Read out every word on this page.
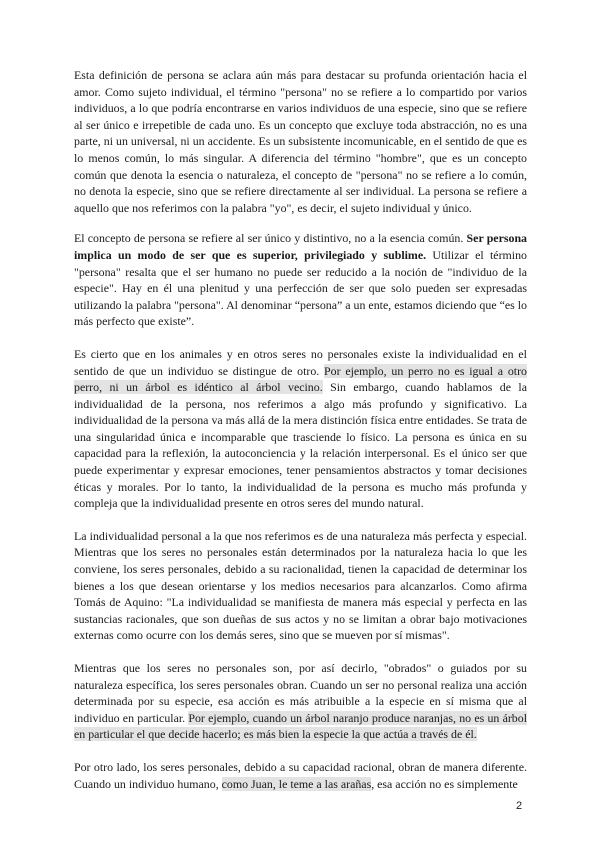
Esta definición de persona se aclara aún más para destacar su profunda orientación hacia el amor. Como sujeto individual, el término "persona" no se refiere a lo compartido por varios individuos, a lo que podría encontrarse en varios individuos de una especie, sino que se refiere al ser único e irrepetible de cada uno. Es un concepto que excluye toda abstracción, no es una parte, ni un universal, ni un accidente. Es un subsistente incomunicable, en el sentido de que es lo menos común, lo más singular. A diferencia del término "hombre", que es un concepto común que denota la esencia o naturaleza, el concepto de "persona" no se refiere a lo común, no denota la especie, sino que se refiere directamente al ser individual. La persona se refiere a aquello que nos referimos con la palabra "yo", es decir, el sujeto individual y único.

El concepto de persona se refiere al ser único y distintivo, no a la esencia común. Ser persona implica un modo de ser que es superior, privilegiado y sublime. Utilizar el término "persona" resalta que el ser humano no puede ser reducido a la noción de "individuo de la especie". Hay en él una plenitud y una perfección de ser que solo pueden ser expresadas utilizando la palabra "persona". Al denominar “persona” a un ente, estamos diciendo que “es lo más perfecto que existe”.

Es cierto que en los animales y en otros seres no personales existe la individualidad en el sentido de que un individuo se distingue de otro. Por ejemplo, un perro no es igual a otro perro, ni un árbol es idéntico al árbol vecino. Sin embargo, cuando hablamos de la individualidad de la persona, nos referimos a algo más profundo y significativo. La individualidad de la persona va más allá de la mera distinción física entre entidades. Se trata de una singularidad única e incomparable que trasciende lo físico. La persona es única en su capacidad para la reflexión, la autoconciencia y la relación interpersonal. Es el único ser que puede experimentar y expresar emociones, tener pensamientos abstractos y tomar decisiones éticas y morales. Por lo tanto, la individualidad de la persona es mucho más profunda y compleja que la individualidad presente en otros seres del mundo natural.

La individualidad personal a la que nos referimos es de una naturaleza más perfecta y especial. Mientras que los seres no personales están determinados por la naturaleza hacia lo que les conviene, los seres personales, debido a su racionalidad, tienen la capacidad de determinar los bienes a los que desean orientarse y los medios necesarios para alcanzarlos. Como afirma Tomás de Aquino: "La individualidad se manifiesta de manera más especial y perfecta en las sustancias racionales, que son dueñas de sus actos y no se limitan a obrar bajo motivaciones externas como ocurre con los demás seres, sino que se mueven por sí mismas".

Mientras que los seres no personales son, por así decirlo, "obrados" o guiados por su naturaleza específica, los seres personales obran. Cuando un ser no personal realiza una acción determinada por su especie, esa acción es más atribuible a la especie en sí misma que al individuo en particular. Por ejemplo, cuando un árbol naranjo produce naranjas, no es un árbol en particular el que decide hacerlo; es más bien la especie la que actúa a través de él.

Por otro lado, los seres personales, debido a su capacidad racional, obran de manera diferente. Cuando un individuo humano, como Juan, le teme a las arañas, esa acción no es simplemente

2
